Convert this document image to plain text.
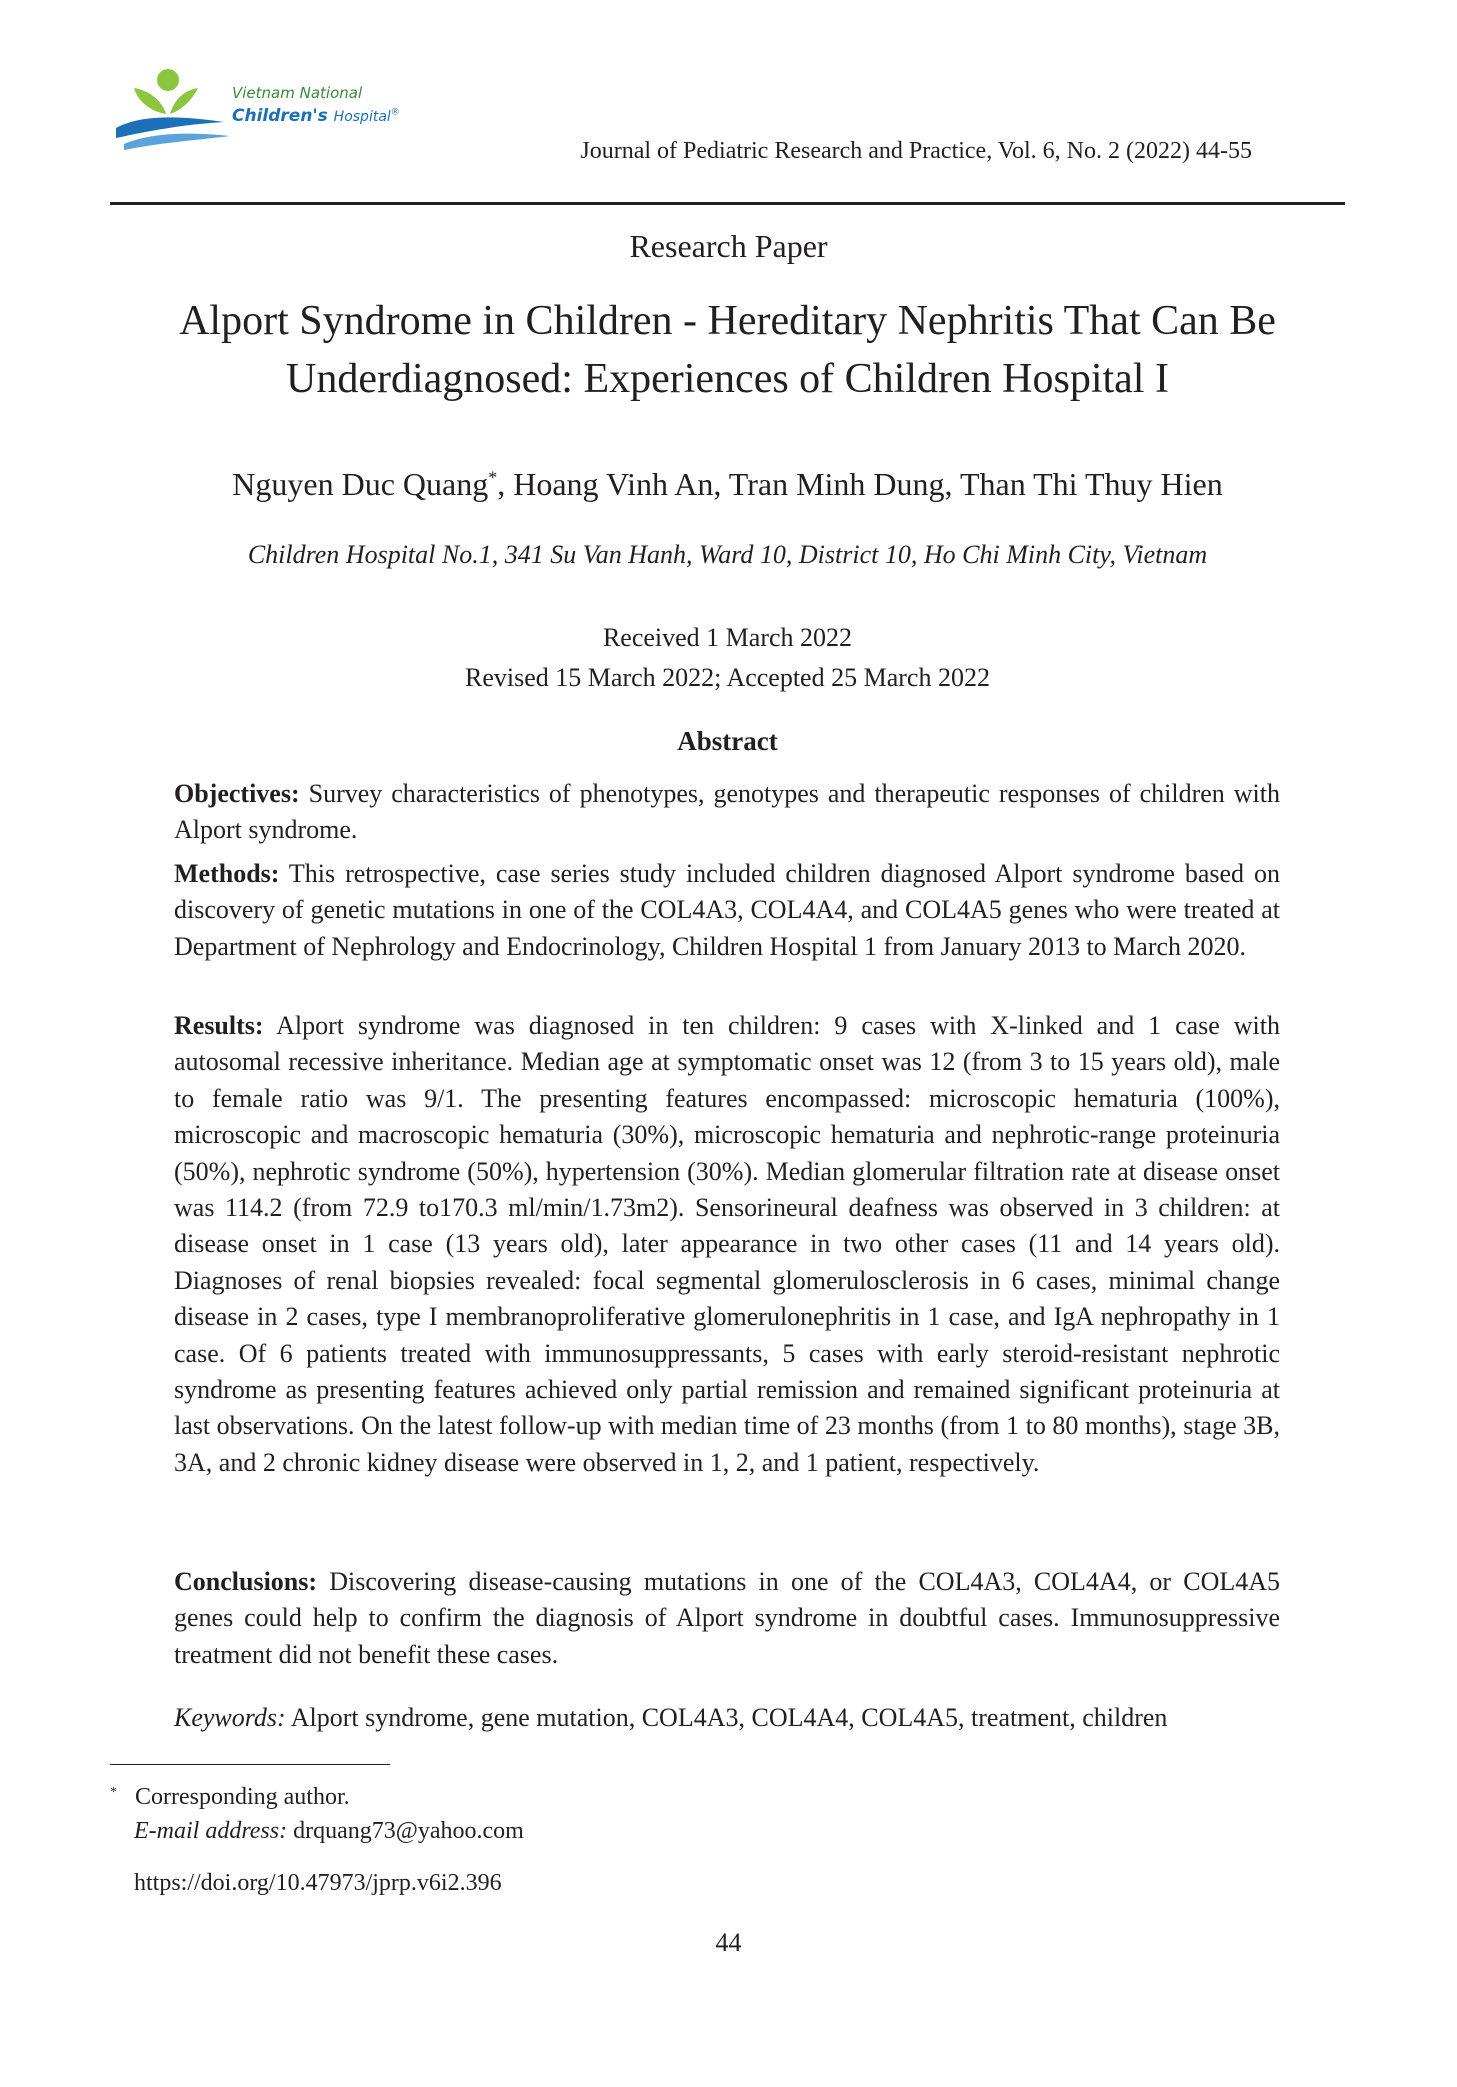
Vietnam National
Children's Hospital®
Journal of Pediatric Research and Practice, Vol. 6, No. 2 (2022) 44-55
Research Paper
Alport Syndrome in Children - Hereditary Nephritis That Can Be
Underdiagnosed: Experiences of Children Hospital I
Nguyen Duc Quang*, Hoang Vinh An, Tran Minh Dung, Than Thi Thuy Hien
Children Hospital No.1, 341 Su Van Hanh, Ward 10, District 10, Ho Chi Minh City, Vietnam
Received 1 March 2022
Revised 15 March 2022; Accepted 25 March 2022
Abstract
Objectives: Survey characteristics of phenotypes, genotypes and therapeutic responses of children with Alport syndrome.
Methods: This retrospective, case series study included children diagnosed Alport syndrome based on discovery of genetic mutations in one of the COL4A3, COL4A4, and COL4A5 genes who were treated at Department of Nephrology and Endocrinology, Children Hospital 1 from January 2013 to March 2020.
Results: Alport syndrome was diagnosed in ten children: 9 cases with X-linked and 1 case with autosomal recessive inheritance. Median age at symptomatic onset was 12 (from 3 to 15 years old), male to female ratio was 9/1. The presenting features encompassed: microscopic hematuria (100%), microscopic and macroscopic hematuria (30%), microscopic hematuria and nephrotic-range proteinuria (50%), nephrotic syndrome (50%), hypertension (30%). Median glomerular filtration rate at disease onset was 114.2 (from 72.9 to170.3 ml/min/1.73m2). Sensorineural deafness was observed in 3 children: at disease onset in 1 case (13 years old), later appearance in two other cases (11 and 14 years old). Diagnoses of renal biopsies revealed: focal segmental glomerulosclerosis in 6 cases, minimal change disease in 2 cases, type I membranoproliferative glomerulonephritis in 1 case, and IgA nephropathy in 1 case. Of 6 patients treated with immunosuppressants, 5 cases with early steroid-resistant nephrotic syndrome as presenting features achieved only partial remission and remained significant proteinuria at last observations. On the latest follow-up with median time of 23 months (from 1 to 80 months), stage 3B, 3A, and 2 chronic kidney disease were observed in 1, 2, and 1 patient, respectively.
Conclusions: Discovering disease-causing mutations in one of the COL4A3, COL4A4, or COL4A5 genes could help to confirm the diagnosis of Alport syndrome in doubtful cases. Immunosuppressive treatment did not benefit these cases.
Keywords: Alport syndrome, gene mutation, COL4A3, COL4A4, COL4A5, treatment, children
* Corresponding author.
E-mail address: drquang73@yahoo.com
https://doi.org/10.47973/jprp.v6i2.396
44
